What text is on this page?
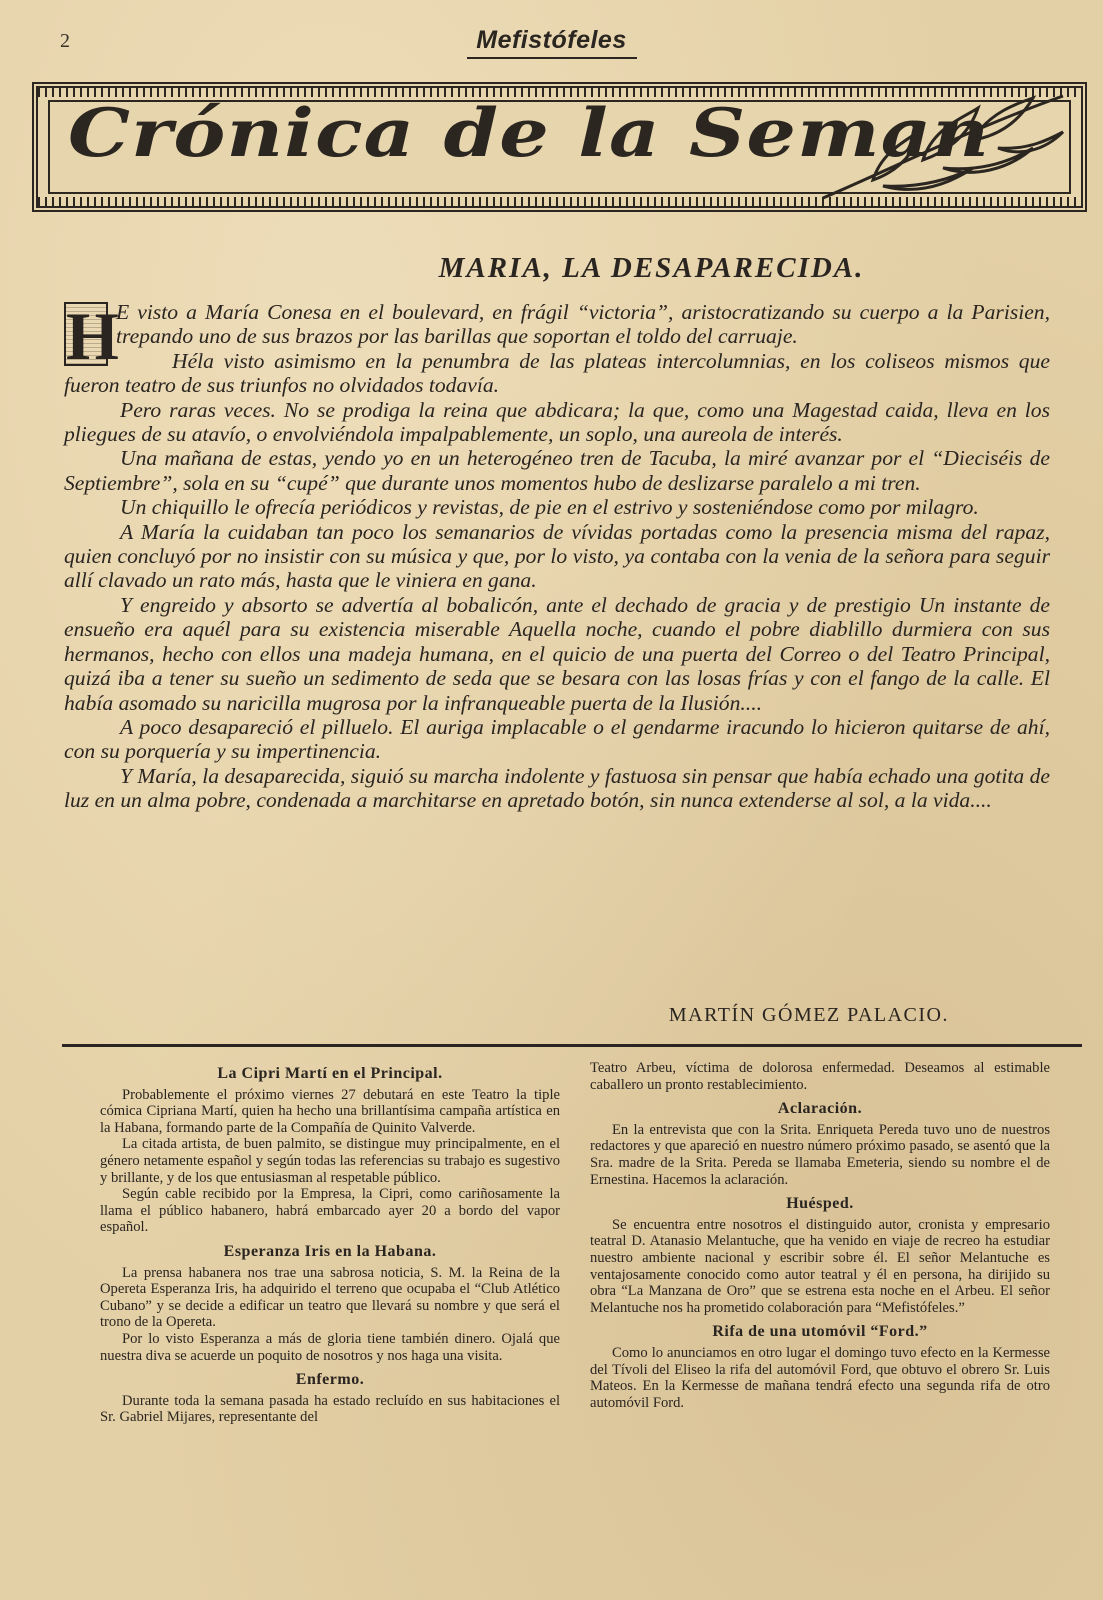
2	Mefistófeles
Crónica de la Seman
MARIA, LA DESAPARECIDA.

H
E visto a María Conesa en el boulevard, en frágil “victoria”, aristocratizando su cuerpo a la Parisien, trepando uno de sus brazos por las barillas que soportan el toldo del carruaje.

Héla visto asimismo en la penumbra de las plateas intercolumnias, en los coliseos mismos que fueron teatro de sus triunfos no olvidados todavía.

Pero raras veces. No se prodiga la reina que abdicara; la que, como una Magestad caida, lleva en los pliegues de su atavío, o envolviéndola impalpablemente, un soplo, una aureola de interés.

Una mañana de estas, yendo yo en un heterogéneo tren de Tacuba, la miré avanzar por el “Dieciséis de Septiembre”, sola en su “cupé” que durante unos momentos hubo de deslizarse paralelo a mi tren.

Un chiquillo le ofrecía periódicos y revistas, de pie en el estrivo y sosteniéndose como por milagro.

A María la cuidaban tan poco los semanarios de vívidas portadas como la presencia misma del rapaz, quien concluyó por no insistir con su música y que, por lo visto, ya contaba con la venia de la señora para seguir allí clavado un rato más, hasta que le viniera en gana.

Y engreido y absorto se advertía al bobalicón, ante el dechado de gracia y de prestigio Un instante de ensueño era aquél para su existencia miserable Aquella noche, cuando el pobre diablillo durmiera con sus hermanos, hecho con ellos una madeja humana, en el quicio de una puerta del Correo o del Teatro Principal, quizá iba a tener su sueño un sedimento de seda que se besara con las losas frías y con el fango de la calle. El había asomado su naricilla mugrosa por la infranqueable puerta de la Ilusión....

A poco desapareció el pilluelo. El auriga implacable o el gendarme iracundo lo hicieron quitarse de ahí, con su porquería y su impertinencia.

Y María, la desaparecida, siguió su marcha indolente y fastuosa sin pensar que había echado una gotita de luz en un alma pobre, condenada a marchitarse en apretado botón, sin nunca extenderse al sol, a la vida....

MARTÍN GÓMEZ PALACIO.
La Cipri Martí en el Principal.

Probablemente el próximo viernes 27 debutará en este Teatro la tiple cómica Cipriana Martí, quien ha hecho una brillantísima campaña artística en la Habana, formando parte de la Compañía de Quinito Valverde.

La citada artista, de buen palmito, se distingue muy principalmente, en el género netamente español y según todas las referencias su trabajo es sugestivo y brillante, y de los que entusiasman al respetable público.

Según cable recibido por la Empresa, la Cipri, como cariñosamente la llama el público habanero, habrá embarcado ayer 20 a bordo del vapor español.

Esperanza Iris en la Habana.

La prensa habanera nos trae una sabrosa noticia, S. M. la Reina de la Opereta Esperanza Iris, ha adquirido el terreno que ocupaba el “Club Atlético Cubano” y se decide a edificar un teatro que llevará su nombre y que será el trono de la Opereta.

Por lo visto Esperanza a más de gloria tiene también dinero. Ojalá que nuestra diva se acuerde un poquito de nosotros y nos haga una visita.

Enfermo.

Durante toda la semana pasada ha estado recluído en sus habitaciones el Sr. Gabriel Mijares, representante del

Teatro Arbeu, víctima de dolorosa enfermedad. Deseamos al estimable caballero un pronto restablecimiento.

Aclaración.

En la entrevista que con la Srita. Enriqueta Pereda tuvo uno de nuestros redactores y que apareció en nuestro número próximo pasado, se asentó que la Sra. madre de la Srita. Pereda se llamaba Emeteria, siendo su nombre el de Ernestina. Hacemos la aclaración.

Huésped.

Se encuentra entre nosotros el distinguido autor, cronista y empresario teatral D. Atanasio Melantuche, que ha venido en viaje de recreo ha estudiar nuestro ambiente nacional y escribir sobre él. El señor Melantuche es ventajosamente conocido como autor teatral y él en persona, ha dirijido su obra “La Manzana de Oro” que se estrena esta noche en el Arbeu. El señor Melantuche nos ha prometido colaboración para “Mefistófeles.”

Rifa de una utomóvil “Ford.”

Como lo anunciamos en otro lugar el domingo tuvo efecto en la Kermesse del Tívoli del Eliseo la rifa del automóvil Ford, que obtuvo el obrero Sr. Luis Mateos. En la Kermesse de mañana tendrá efecto una segunda rifa de otro automóvil Ford.
